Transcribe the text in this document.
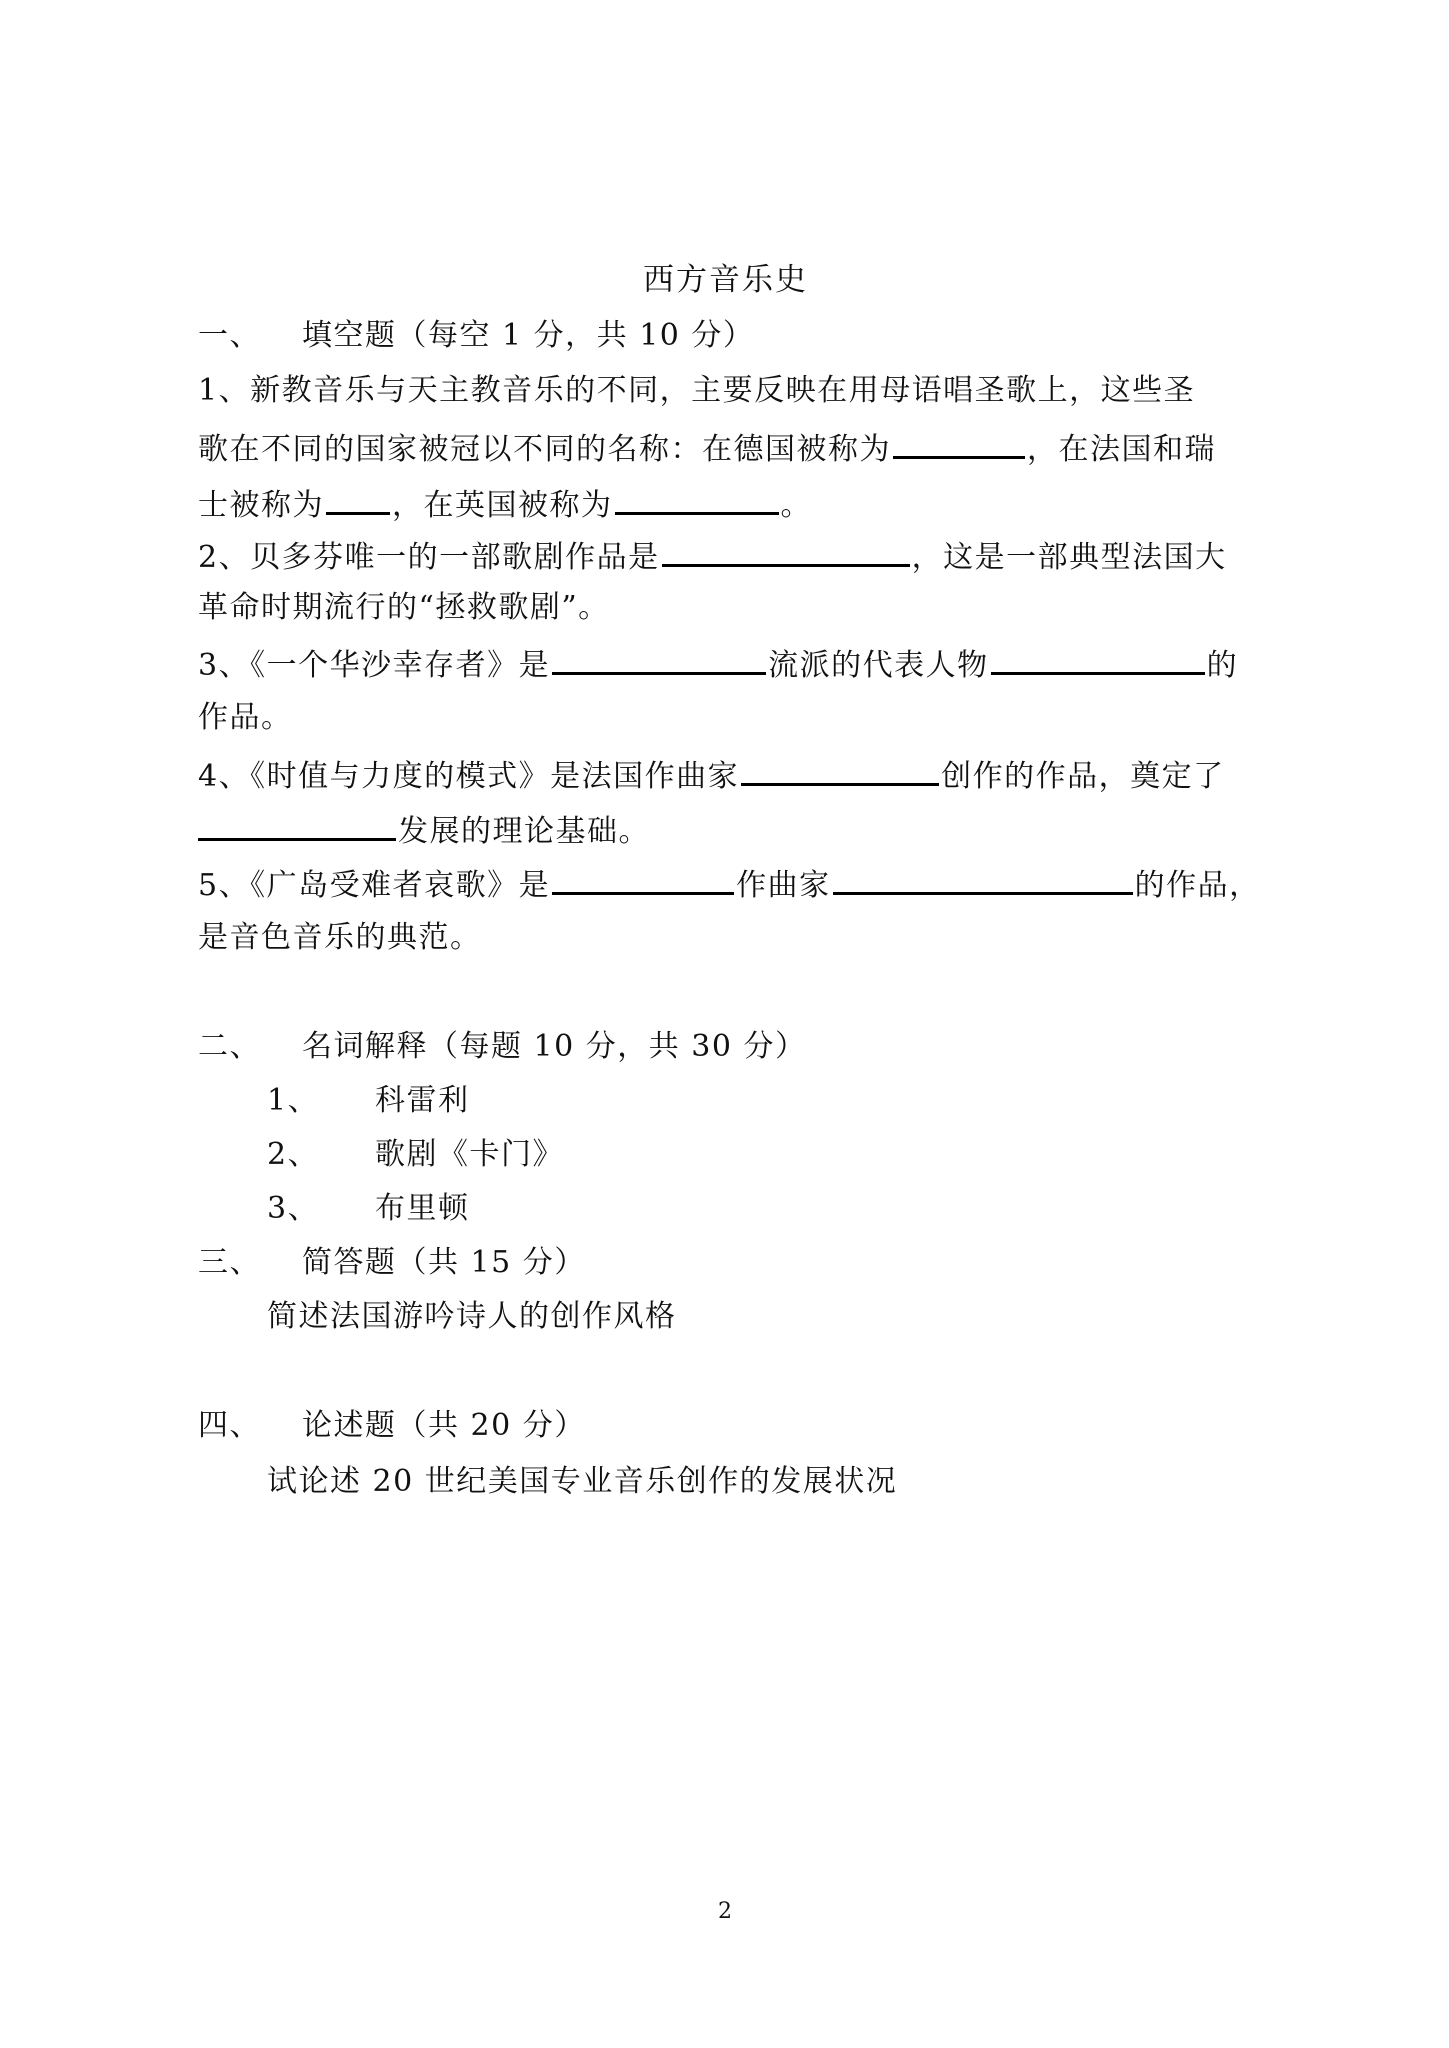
西方音乐史
一、 填空题（每空 1 分，共 10 分）
1、新教音乐与天主教音乐的不同，主要反映在用母语唱圣歌上，这些圣
歌在不同的国家被冠以不同的名称：在德国被称为	，在法国和瑞
士被称为 ，在英国被称为	。
2、贝多芬唯一的一部歌剧作品是	，这是一部典型法国大
革命时期流行的“拯救歌剧”。
3、《一个华沙幸存者》是	流派的代表人物	的
作品。
4、《时值与力度的模式》是法国作曲家	创作的作品，奠定了
发展的理论基础。
5、《广岛受难者哀歌》是	作曲家	的作品，
是音色音乐的典范。
二、 名词解释（每题 10 分，共 30 分）
1、 科雷利
2、 歌剧《卡门》
3、 布里顿
三、 简答题（共 15 分）
简述法国游吟诗人的创作风格
四、 论述题（共 20 分）
试论述 20 世纪美国专业音乐创作的发展状况
2
